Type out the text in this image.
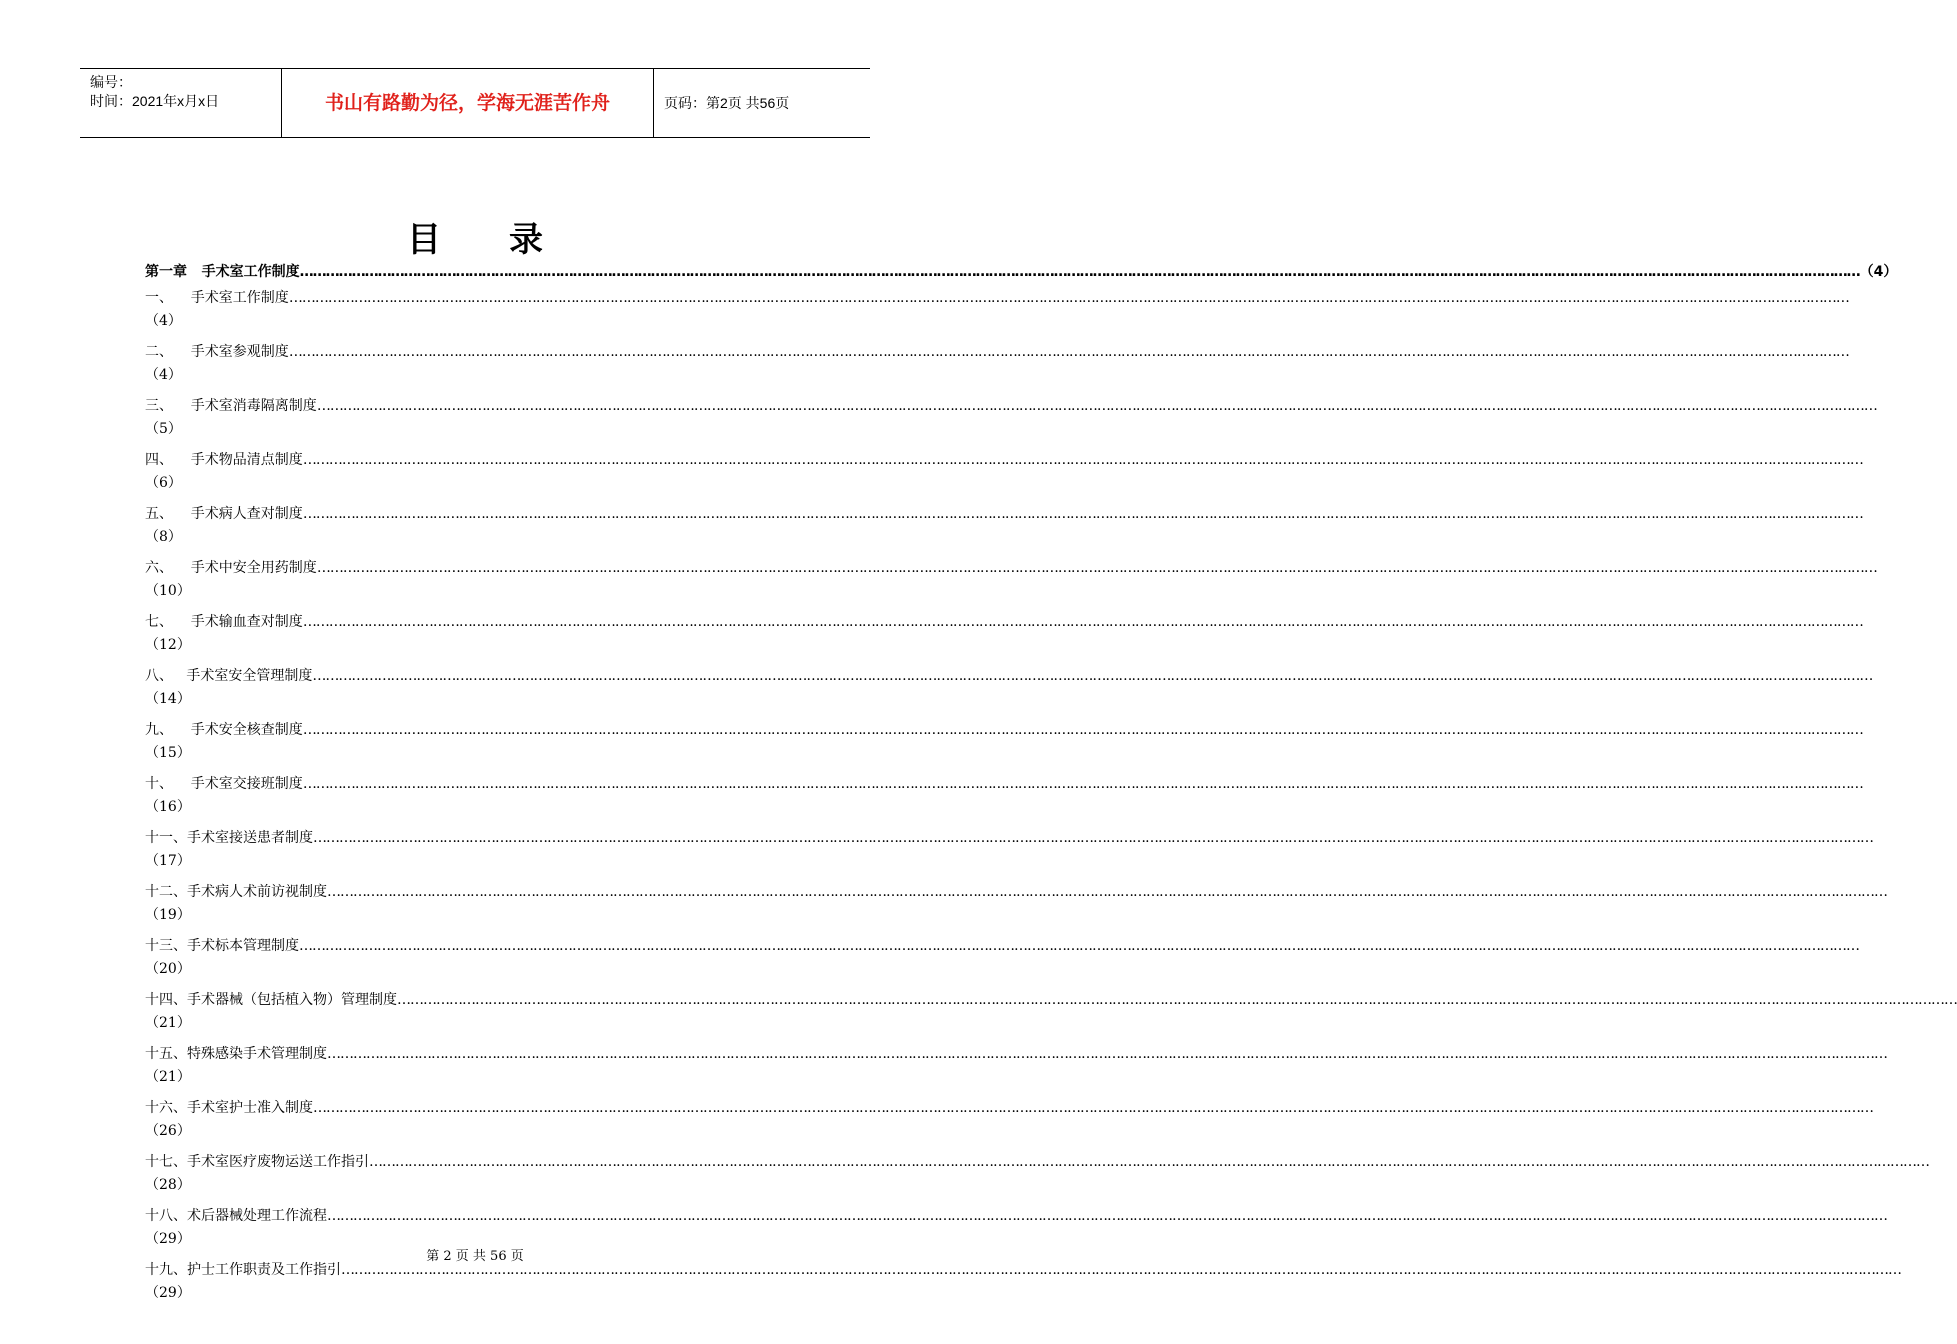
编号：
时间：2021年x月x日	书山有路勤为径，学海无涯苦作舟	页码：第2页 共56页
目录
第一章   手术室工作制度 ……………………………………………………………………………………………………………………………………………………………………………………………………………………………………………………………………………………………………………………………… （4）
一、    手术室工作制度 ………………………………………………………………………………………………………………………………………………………………………………………………………………………………………………………………………………………………………………………………
（4）
二、    手术室参观制度 ………………………………………………………………………………………………………………………………………………………………………………………………………………………………………………………………………………………………………………………………
（4）
三、    手术室消毒隔离制度 ………………………………………………………………………………………………………………………………………………………………………………………………………………………………………………………………………………………………………………………………
（5）
四、    手术物品清点制度 ………………………………………………………………………………………………………………………………………………………………………………………………………………………………………………………………………………………………………………………………
（6）
五、    手术病人查对制度 ………………………………………………………………………………………………………………………………………………………………………………………………………………………………………………………………………………………………………………………………
（8）
六、    手术中安全用药制度 ………………………………………………………………………………………………………………………………………………………………………………………………………………………………………………………………………………………………………………………………
（10）
七、    手术输血查对制度 ………………………………………………………………………………………………………………………………………………………………………………………………………………………………………………………………………………………………………………………………
（12）
八、   手术室安全管理制度 ………………………………………………………………………………………………………………………………………………………………………………………………………………………………………………………………………………………………………………………………
（14）
九、    手术安全核查制度 ………………………………………………………………………………………………………………………………………………………………………………………………………………………………………………………………………………………………………………………………
（15）
十、    手术室交接班制度 ………………………………………………………………………………………………………………………………………………………………………………………………………………………………………………………………………………………………………………………………
（16）
十一、手术室接送患者制度 ………………………………………………………………………………………………………………………………………………………………………………………………………………………………………………………………………………………………………………………………
（17）
十二、手术病人术前访视制度 ………………………………………………………………………………………………………………………………………………………………………………………………………………………………………………………………………………………………………………………………
（19）
十三、手术标本管理制度 ………………………………………………………………………………………………………………………………………………………………………………………………………………………………………………………………………………………………………………………………
（20）
十四、手术器械（包括植入物）管理制度 ………………………………………………………………………………………………………………………………………………………………………………………………………………………………………………………………………………………………………………………………
（21）
十五、特殊感染手术管理制度 ………………………………………………………………………………………………………………………………………………………………………………………………………………………………………………………………………………………………………………………………
（21）
十六、手术室护士准入制度 ………………………………………………………………………………………………………………………………………………………………………………………………………………………………………………………………………………………………………………………………
（26）
十七、手术室医疗废物运送工作指引 ………………………………………………………………………………………………………………………………………………………………………………………………………………………………………………………………………………………………………………………………
（28）
十八、术后器械处理工作流程 ………………………………………………………………………………………………………………………………………………………………………………………………………………………………………………………………………………………………………………………………
（29）
十九、护士工作职责及工作指引 ………………………………………………………………………………………………………………………………………………………………………………………………………………………………………………………………………………………………………………………………
（29）
第 2 页 共 56 页
